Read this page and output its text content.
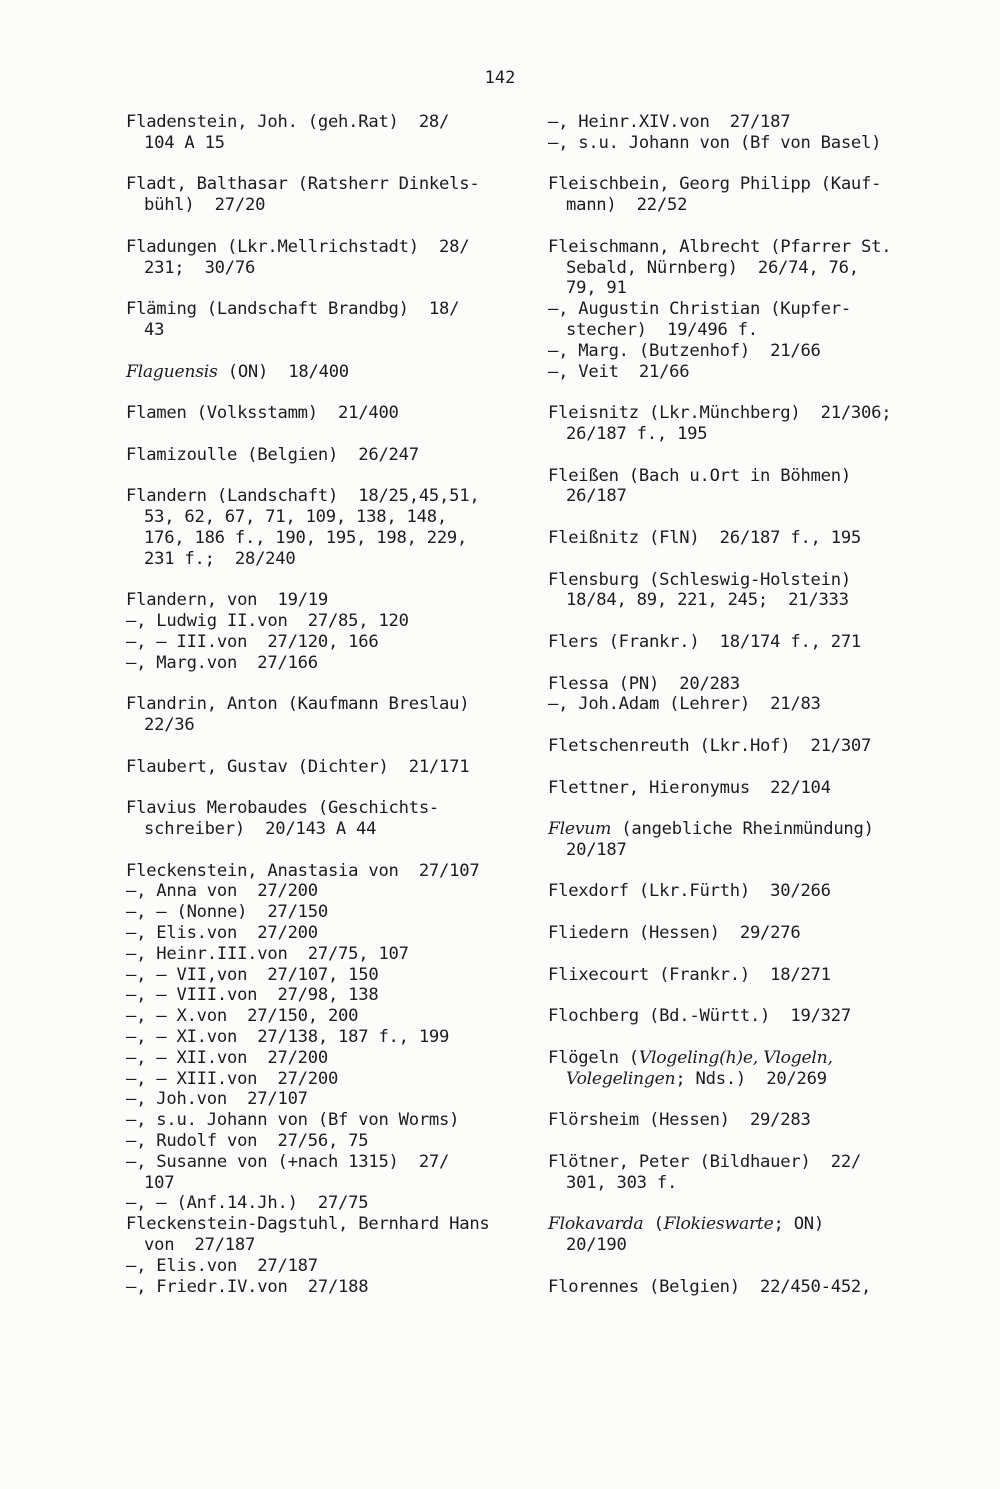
142
Fladenstein, Joh. (geh.Rat)  28/
104 A 15
Fladt, Balthasar (Ratsherr Dinkels-
bühl)  27/20
Fladungen (Lkr.Mellrichstadt)  28/
231;  30/76
Fläming (Landschaft Brandbg)  18/
43
Flaguensis (ON)  18/400
Flamen (Volksstamm)  21/400
Flamizoulle (Belgien)  26/247
Flandern (Landschaft)  18/25,45,51,
53, 62, 67, 71, 109, 138, 148,
176, 186 f., 190, 195, 198, 229,
231 f.;  28/240
Flandern, von  19/19
—, Ludwig II.von  27/85, 120
—, — III.von  27/120, 166
—, Marg.von  27/166
Flandrin, Anton (Kaufmann Breslau)
22/36
Flaubert, Gustav (Dichter)  21/171
Flavius Merobaudes (Geschichts-
schreiber)  20/143 A 44
Fleckenstein, Anastasia von  27/107
—, Anna von  27/200
—, — (Nonne)  27/150
—, Elis.von  27/200
—, Heinr.III.von  27/75, 107
—, — VII,von  27/107, 150
—, — VIII.von  27/98, 138
—, — X.von  27/150, 200
—, — XI.von  27/138, 187 f., 199
—, — XII.von  27/200
—, — XIII.von  27/200
—, Joh.von  27/107
—, s.u. Johann von (Bf von Worms)
—, Rudolf von  27/56, 75
—, Susanne von (+nach 1315)  27/
107
—, — (Anf.14.Jh.)  27/75
Fleckenstein-Dagstuhl, Bernhard Hans
von  27/187
—, Elis.von  27/187
—, Friedr.IV.von  27/188
—, Heinr.XIV.von  27/187
—, s.u. Johann von (Bf von Basel)
Fleischbein, Georg Philipp (Kauf-
mann)  22/52
Fleischmann, Albrecht (Pfarrer St.
Sebald, Nürnberg)  26/74, 76,
79, 91
—, Augustin Christian (Kupfer-
stecher)  19/496 f.
—, Marg. (Butzenhof)  21/66
—, Veit  21/66
Fleisnitz (Lkr.Münchberg)  21/306;
26/187 f., 195
Fleißen (Bach u.Ort in Böhmen)
26/187
Fleißnitz (FlN)  26/187 f., 195
Flensburg (Schleswig-Holstein)
18/84, 89, 221, 245;  21/333
Flers (Frankr.)  18/174 f., 271
Flessa (PN)  20/283
—, Joh.Adam (Lehrer)  21/83
Fletschenreuth (Lkr.Hof)  21/307
Flettner, Hieronymus  22/104
Flevum (angebliche Rheinmündung)
20/187
Flexdorf (Lkr.Fürth)  30/266
Fliedern (Hessen)  29/276
Flixecourt (Frankr.)  18/271
Flochberg (Bd.-Württ.)  19/327
Flögeln (Vlogeling(h)e, Vlogeln,
Volegelingen; Nds.)  20/269
Flörsheim (Hessen)  29/283
Flötner, Peter (Bildhauer)  22/
301, 303 f.
Flokavarda (Flokieswarte; ON)
20/190
Florennes (Belgien)  22/450-452,
